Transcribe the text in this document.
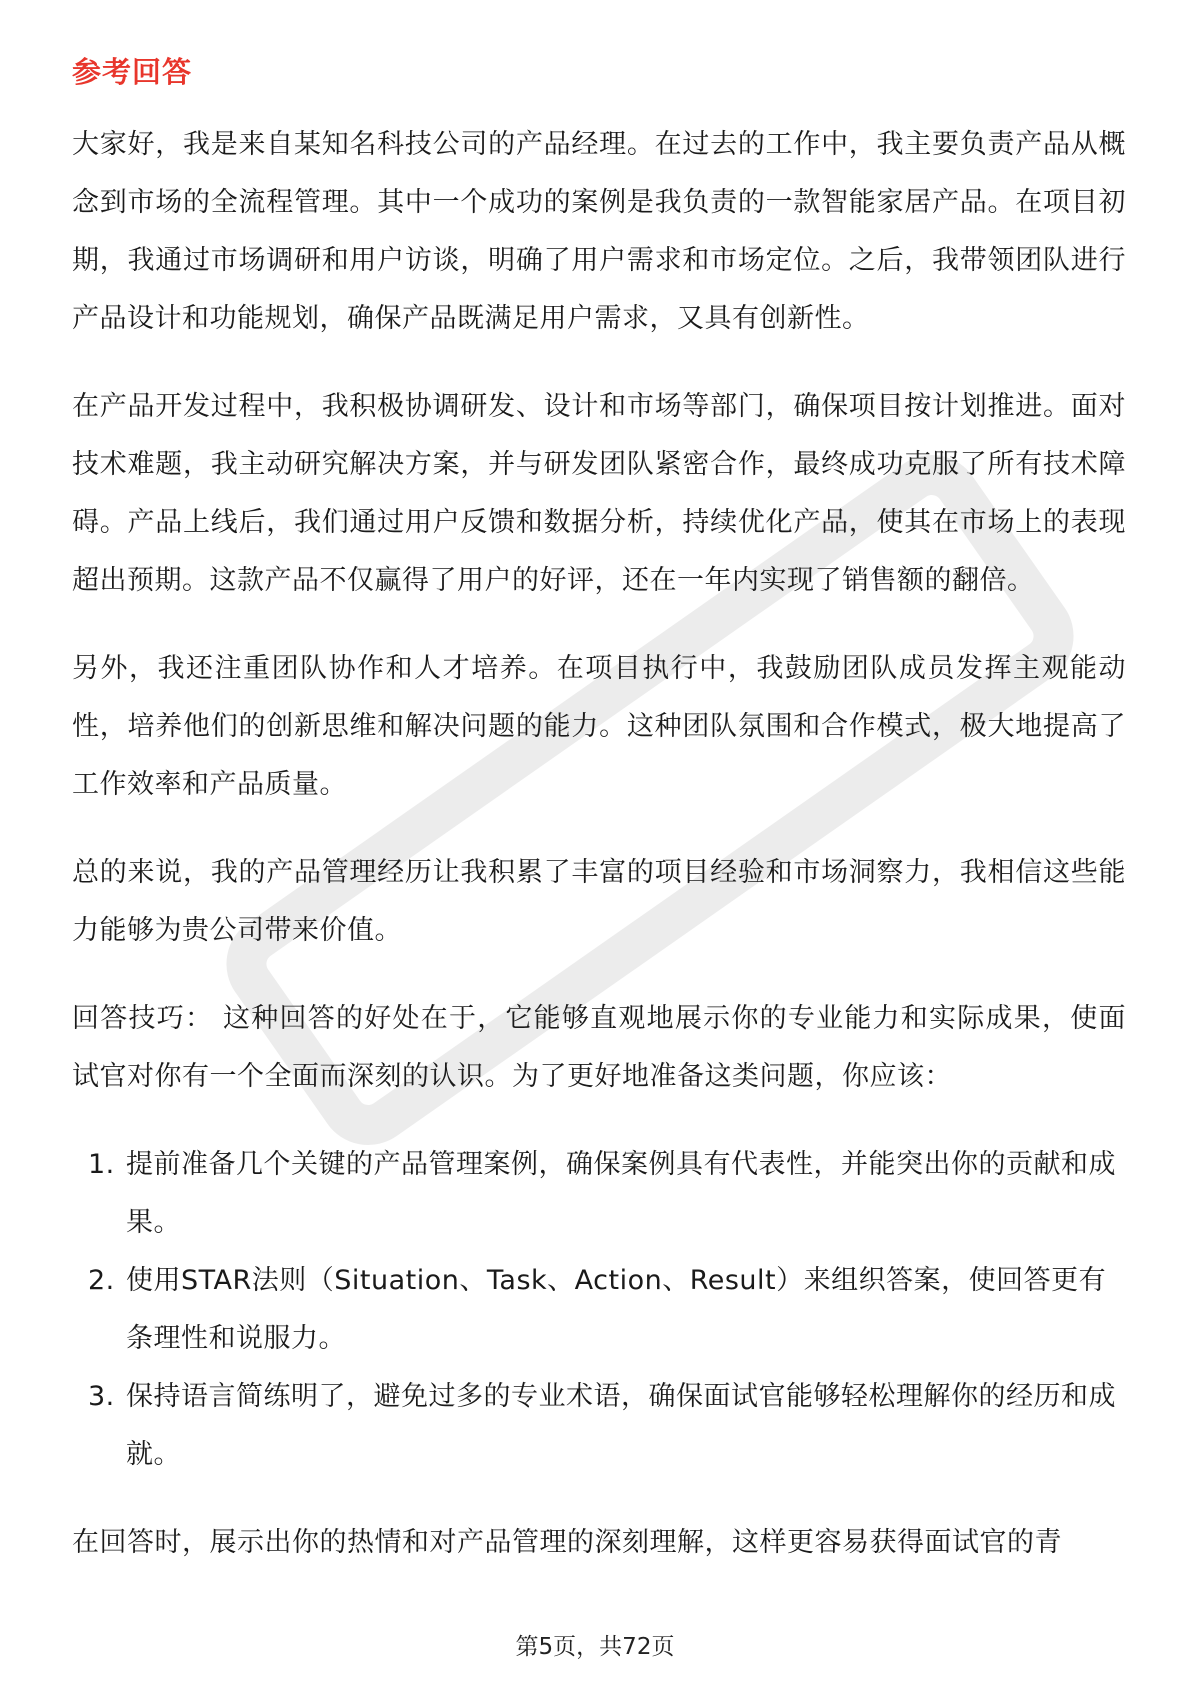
参考回答

大家好，我是来自某知名科技公司的产品经理。在过去的工作中，我主要负责产品从概念到市场的全流程管理。其中一个成功的案例是我负责的一款智能家居产品。在项目初期，我通过市场调研和用户访谈，明确了用户需求和市场定位。之后，我带领团队进行产品设计和功能规划，确保产品既满足用户需求，又具有创新性。

在产品开发过程中，我积极协调研发、设计和市场等部门，确保项目按计划推进。面对技术难题，我主动研究解决方案，并与研发团队紧密合作，最终成功克服了所有技术障碍。产品上线后，我们通过用户反馈和数据分析，持续优化产品，使其在市场上的表现超出预期。这款产品不仅赢得了用户的好评，还在一年内实现了销售额的翻倍。

另外，我还注重团队协作和人才培养。在项目执行中，我鼓励团队成员发挥主观能动性，培养他们的创新思维和解决问题的能力。这种团队氛围和合作模式，极大地提高了工作效率和产品质量。

总的来说，我的产品管理经历让我积累了丰富的项目经验和市场洞察力，我相信这些能力能够为贵公司带来价值。

回答技巧： 这种回答的好处在于，它能够直观地展示你的专业能力和实际成果，使面试官对你有一个全面而深刻的认识。为了更好地准备这类问题，你应该：

1. 提前准备几个关键的产品管理案例，确保案例具有代表性，并能突出你的贡献和成果。
2. 使用STAR法则（Situation、Task、Action、Result）来组织答案，使回答更有条理性和说服力。
3. 保持语言简练明了，避免过多的专业术语，确保面试官能够轻松理解你的经历和成就。

在回答时，展示出你的热情和对产品管理的深刻理解，这样更容易获得面试官的青

第5页，共72页
